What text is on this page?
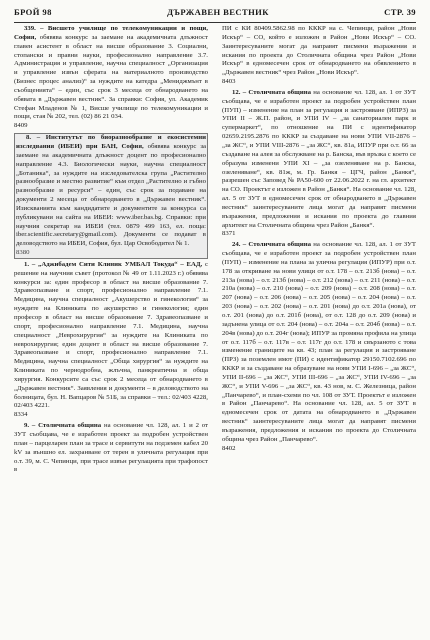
БРОЙ 98	ДЪРЖАВЕН ВЕСТНИК	СТР. 39

339. – Висшето училище по телекомуникации и пощи, София, обявява конкурс за заемане на академичната длъжност главен асистент в област на висше образование 3. Социални, стопански и правни науки, професионално направление 3.7. Администрация и управление, научна специалност „Организация и управление извън сферата на материалното производство (Бизнес процес анализ)“ за нуждите на катедра „Мениджмънт в съобщенията“ – един, със срок 3 месеца от обнародването на обявата в „Държавен вестник“. За справки: София, ул. Академик Стефан Младенов № 1, Висше училище по телекомуникации и пощи, стая № 202, тел. (02) 86 21 034.

8409

8. – Институтът по биоразнообразие и екосистемни изследвания (ИБЕИ) при БАН, София, обявява конкурс за заемане на академичната длъжност доцент по професионално направление 4.3. Биологически науки, научна специалност „Ботаника“, за нуждите на изследователска група „Растително разнообразие и местно развитие“ към отдел „Растително и гъбно разнообразие и ресурси“ – един, със срок за подаване на документи 2 месеца от обнародването в „Държавен вестник“. Изискванията към кандидатите и документите за конкурса са публикувани на сайта на ИБЕИ: www.iber.bas.bg. Справки: при научния секретар на ИБЕИ (тел. 0879 499 163, ел. поща: iber.scientific.secretary@gmail.com). Документи се подават в деловодството на ИБЕИ, София, бул. Цар Освободител № 1.

8380

1. – „Аджибадем Сити Клиник УМБАЛ Токуда“ – ЕАД, с решение на научния съвет (протокол № 49 от 1.11.2023 г.) обявява конкурси за: един професор в област на висше образование 7. Здравеопазване и спорт, професионално направление 7.1. Медицина, научна специалност „Акушерство и гинекология“ за нуждите на Клиниката по акушерство и гинекология; един професор в област на висше образование 7. Здравеопазване и спорт, професионално направление 7.1. Медицина, научна специалност „Неврохирургия“ за нуждите на Клиниката по неврохирургия; един доцент в област на висше образование 7. Здравеопазване и спорт, професионално направление 7.1. Медицина, научна специалност „Обща хирургия“ за нуждите на Клиниката по чернодробна, жлъчна, панкреатична и обща хирургия. Конкурсите са със срок 2 месеца от обнародването в „Държавен вестник“. Заявления и документи – в деловодството на болницата, бул. Н. Вапцаров № 51Б, за справки – тел.: 02/403 4228, 02/403 4221.

8334

9. – Столичната община на основание чл. 128, ал. 1 и 2 от ЗУТ съобщава, че е изработен проект за подробен устройствен план – парцеларен план за трасе и сервитути на подземен кабел 20 kV за външно ел. захранване от терен в уличната регулация при о.т. 39, м. С. Чепинци, при трасе извън регулацията при трафопост в

ПИ с КИ 80409.5862.98 по КККР на с. Чепинци, район „Нови Искър“ – СО, който е изложен в Район „Нови Искър“ – СО. Заинтересуваните могат да направят писмени възражения и искания по проекта до Столичната община чрез Район „Нови Искър“ в едномесечен срок от обнародването на обявлението в „Държавен вестник“ чрез Район „Нови Искър“.

8403

12. – Столичната община на основание чл. 128, ал. 1 от ЗУТ съобщава, че е изработен проект за подробен устройствен план (ПУП) – изменение на план за регулация и застрояване (ИПРЗ) за УПИ II – Ж.П. район, и УПИ IV – „за санаториален парк и супермаркет“, по отношение на ПИ с идентификатор 02659.2195.2876 по КККР за създаване на нови УПИ VII-2876 – „за ЖС“, и УПИ VIII-2876 – „за ЖС“, кв. 81а, ИПУР при о.т. 66 за създаване на алея за обслужване на р. Банска, във връзка с което се образува изменени УПИ XI – „за озеленяване на р. Банска, озеленяване“, кв. 81ж, м. Гр. Банкя – ЦГЧ, район „Банкя“, разрешен със Заповед № РА50-600 от 22.06.2022 г. на гл. архитект на СО. Проектът е изложен в Район „Банкя“. На основание чл. 128, ал. 5 от ЗУТ в едномесечен срок от обнародването в „Държавен вестник“ заинтересуваните лица могат да направят писмени възражения, предложения и искания по проекта до главния архитект на Столичната община чрез Район „Банкя“.

8371

24. – Столичната община на основание чл. 128, ал. 1 от ЗУТ съобщава, че е изработен проект за подробен устройствен план (ПУП) – изменение на плана за улична регулация (ИПУР) при о.т. 178 за откриване на нови улици от о.т. 178 – о.т. 213б (нова) – о.т. 213а (нова) – о.т. 213б (нова) – о.т. 212 (нова) – о.т. 211 (нова) – о.т. 210а (нова) – о.т. 210 (нова) – о.т. 209 (нова) – о.т. 208 (нова) – о.т. 207 (нова) – о.т. 206 (нова) – о.т. 205 (нова) – о.т. 204 (нова) – о.т. 203 (нова) – о.т. 202 (нова) – о.т. 201 (нова) до о.т. 201а (нова), от о.т. 201 (нова) до о.т. 201б (нова), от о.т. 128 до о.т. 209 (нова) и задънена улица от о.т. 204 (нова) – о.т. 204а – о.т. 204б (нова) – о.т. 204в (нова) до о.т. 204г (нова); ИПУР за промяна профила на улица от о.т. 117б – о.т. 117в – о.т. 117г до о.т. 178 и свързаното с това изменение границите на кв. 43; план за регулация и застрояване (ПРЗ) за поземлен имот (ПИ) с идентификатор 29150.7102.696 по КККР и за създаване на образуване на нови УПИ I-696 – „за ЖС“, УПИ II-696 – „за ЖС“, УПИ III-696 – „за ЖС“, УПИ IV-696 – „за ЖС“, и УПИ V-696 – „за ЖС“, кв. 43 нов, м. С. Железница, район „Панчарево“, и план-схеми по чл. 108 от ЗУТ. Проектът е изложен в Район „Панчарево“. На основание чл. 128, ал. 5 от ЗУТ в едномесечен срок от датата на обнародването в „Държавен вестник“ заинтересуваните лица могат да направят писмени възражения, предложения и искания по проекта до Столичната община чрез Район „Панчарево“.

8402
